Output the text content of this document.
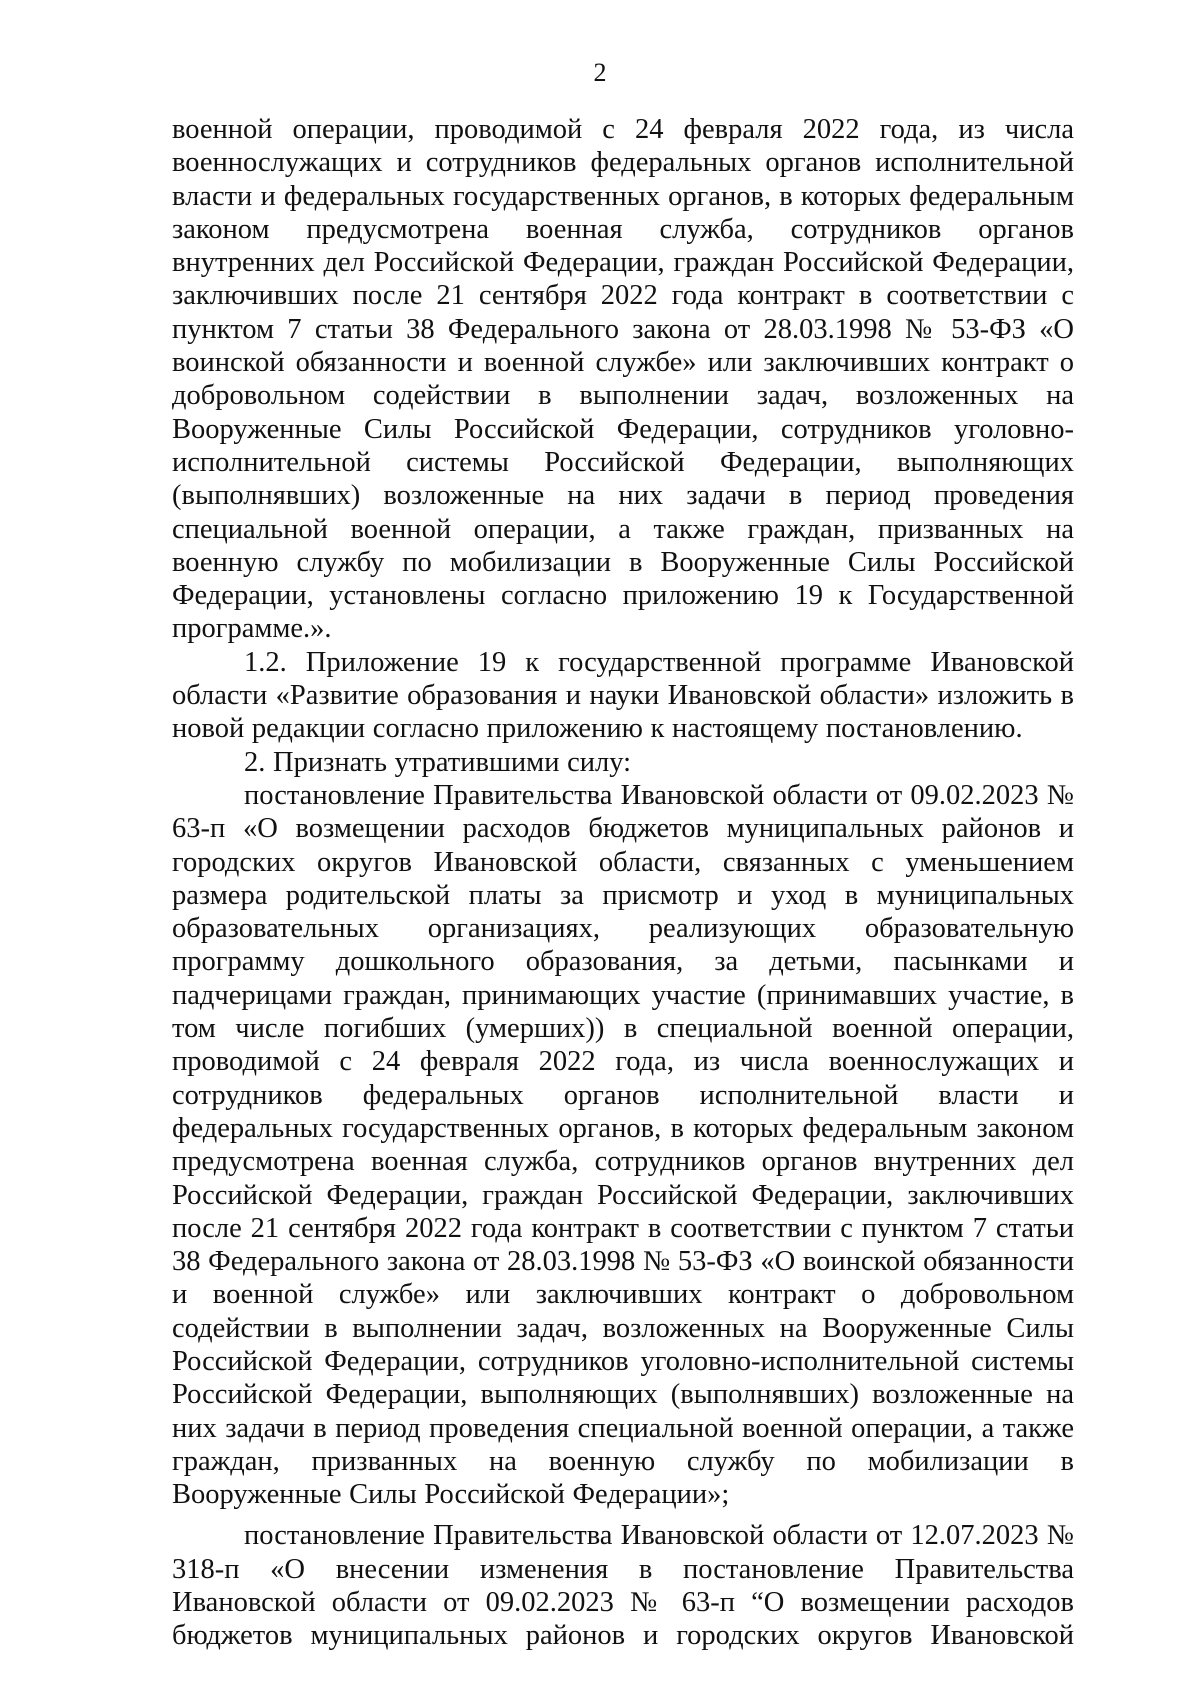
2

военной операции, проводимой с 24 февраля 2022 года, из числа военнослужащих и сотрудников федеральных органов исполнительной власти и федеральных государственных органов, в которых федеральным законом предусмотрена военная служба, сотрудников органов внутренних дел Российской Федерации, граждан Российской Федерации, заключивших после 21 сентября 2022 года контракт в соответствии с пунктом 7 статьи 38 Федерального закона от 28.03.1998 № 53-ФЗ «О воинской обязанности и военной службе» или заключивших контракт о добровольном содействии в выполнении задач, возложенных на Вооруженные Силы Российской Федерации, сотрудников уголовно-исполнительной системы Российской Федерации, выполняющих (выполнявших) возложенные на них задачи в период проведения специальной военной операции, а также граждан, призванных на военную службу по мобилизации в Вооруженные Силы Российской Федерации, установлены согласно приложению 19 к Государственной программе.».

1.2. Приложение 19 к государственной программе Ивановской области «Развитие образования и науки Ивановской области» изложить в новой редакции согласно приложению к настоящему постановлению.

2. Признать утратившими силу:

постановление Правительства Ивановской области от 09.02.2023 № 63-п «О возмещении расходов бюджетов муниципальных районов и городских округов Ивановской области, связанных с уменьшением размера родительской платы за присмотр и уход в муниципальных образовательных организациях, реализующих образовательную программу дошкольного образования, за детьми, пасынками и падчерицами граждан, принимающих участие (принимавших участие, в том числе погибших (умерших)) в специальной военной операции, проводимой с 24 февраля 2022 года, из числа военнослужащих и сотрудников федеральных органов исполнительной власти и федеральных государственных органов, в которых федеральным законом предусмотрена военная служба, сотрудников органов внутренних дел Российской Федерации, граждан Российской Федерации, заключивших после 21 сентября 2022 года контракт в соответствии с пунктом 7 статьи 38 Федерального закона от 28.03.1998 № 53-ФЗ «О воинской обязанности и военной службе» или заключивших контракт о добровольном содействии в выполнении задач, возложенных на Вооруженные Силы Российской Федерации, сотрудников уголовно-исполнительной системы Российской Федерации, выполняющих (выполнявших) возложенные на них задачи в период проведения специальной военной операции, а также граждан, призванных на военную службу по мобилизации в Вооруженные Силы Российской Федерации»;

постановление Правительства Ивановской области от 12.07.2023 № 318-п «О внесении изменения в постановление Правительства Ивановской области от 09.02.2023 № 63-п “О возмещении расходов бюджетов муниципальных районов и городских округов Ивановской
